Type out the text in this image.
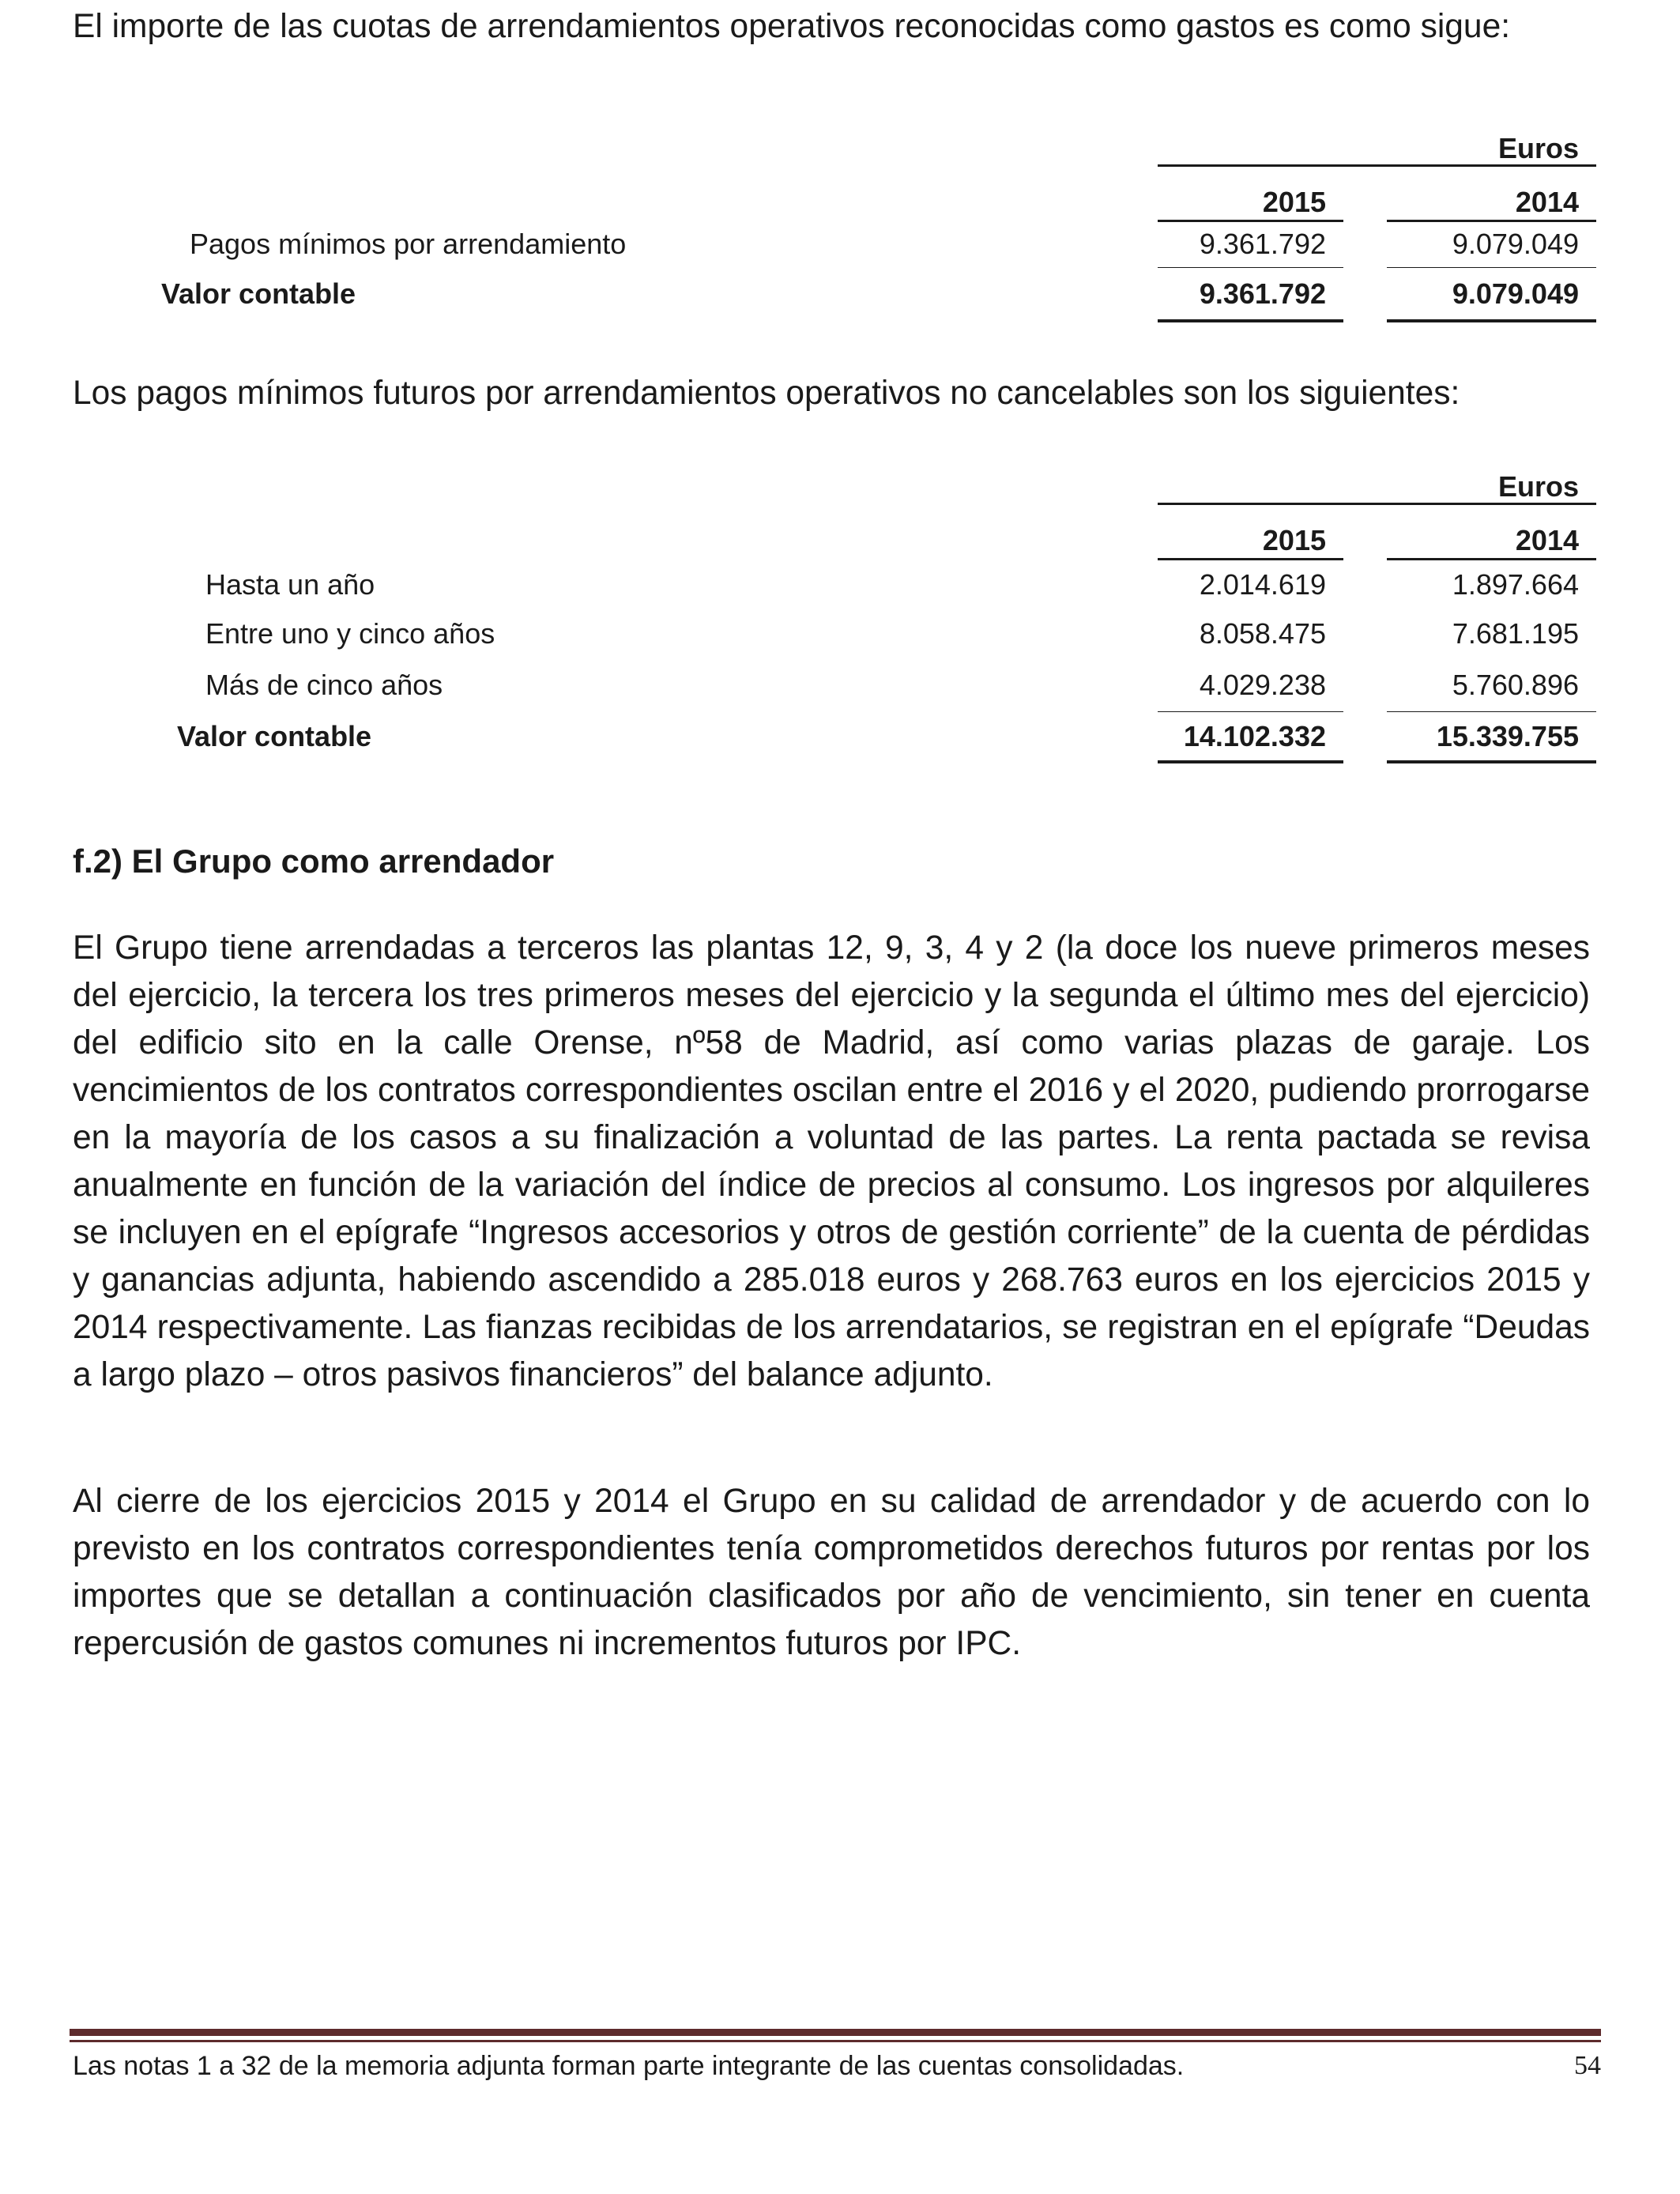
El importe de las cuotas de arrendamientos operativos reconocidas como gastos es como sigue:

Euros
2015	2014
Pagos mínimos por arrendamiento	9.361.792	9.079.049
Valor contable	9.361.792	9.079.049

Los pagos mínimos futuros por arrendamientos operativos no cancelables son los siguientes:

Euros
2015	2014
Hasta un año	2.014.619	1.897.664
Entre uno y cinco años	8.058.475	7.681.195
Más de cinco años	4.029.238	5.760.896
Valor contable	14.102.332	15.339.755
f.2) El Grupo como arrendador

El Grupo tiene arrendadas a terceros las plantas 12, 9, 3, 4 y 2 (la doce los nueve primeros meses del ejercicio, la tercera los tres primeros meses del ejercicio y la segunda el último mes del ejercicio) del edificio sito en la calle Orense, nº58 de Madrid, así como varias plazas de garaje. Los vencimientos de los contratos correspondientes oscilan entre el 2016 y el 2020, pudiendo prorrogarse en la mayoría de los casos a su finalización a voluntad de las partes. La renta pactada se revisa anualmente en función de la variación del índice de precios al consumo. Los ingresos por alquileres se incluyen en el epígrafe “Ingresos accesorios y otros de gestión corriente” de la cuenta de pérdidas y ganancias adjunta, habiendo ascendido a 285.018 euros y 268.763 euros en los ejercicios 2015 y 2014 respectivamente. Las fianzas recibidas de los arrendatarios, se registran en el epígrafe “Deudas a largo plazo – otros pasivos financieros” del balance adjunto.

Al cierre de los ejercicios 2015 y 2014 el Grupo en su calidad de arrendador y de acuerdo con lo previsto en los contratos correspondientes tenía comprometidos derechos futuros por rentas por los importes que se detallan a continuación clasificados por año de vencimiento, sin tener en cuenta repercusión de gastos comunes ni incrementos futuros por IPC.

Las notas 1 a 32 de la memoria adjunta forman parte integrante de las cuentas consolidadas.	54
